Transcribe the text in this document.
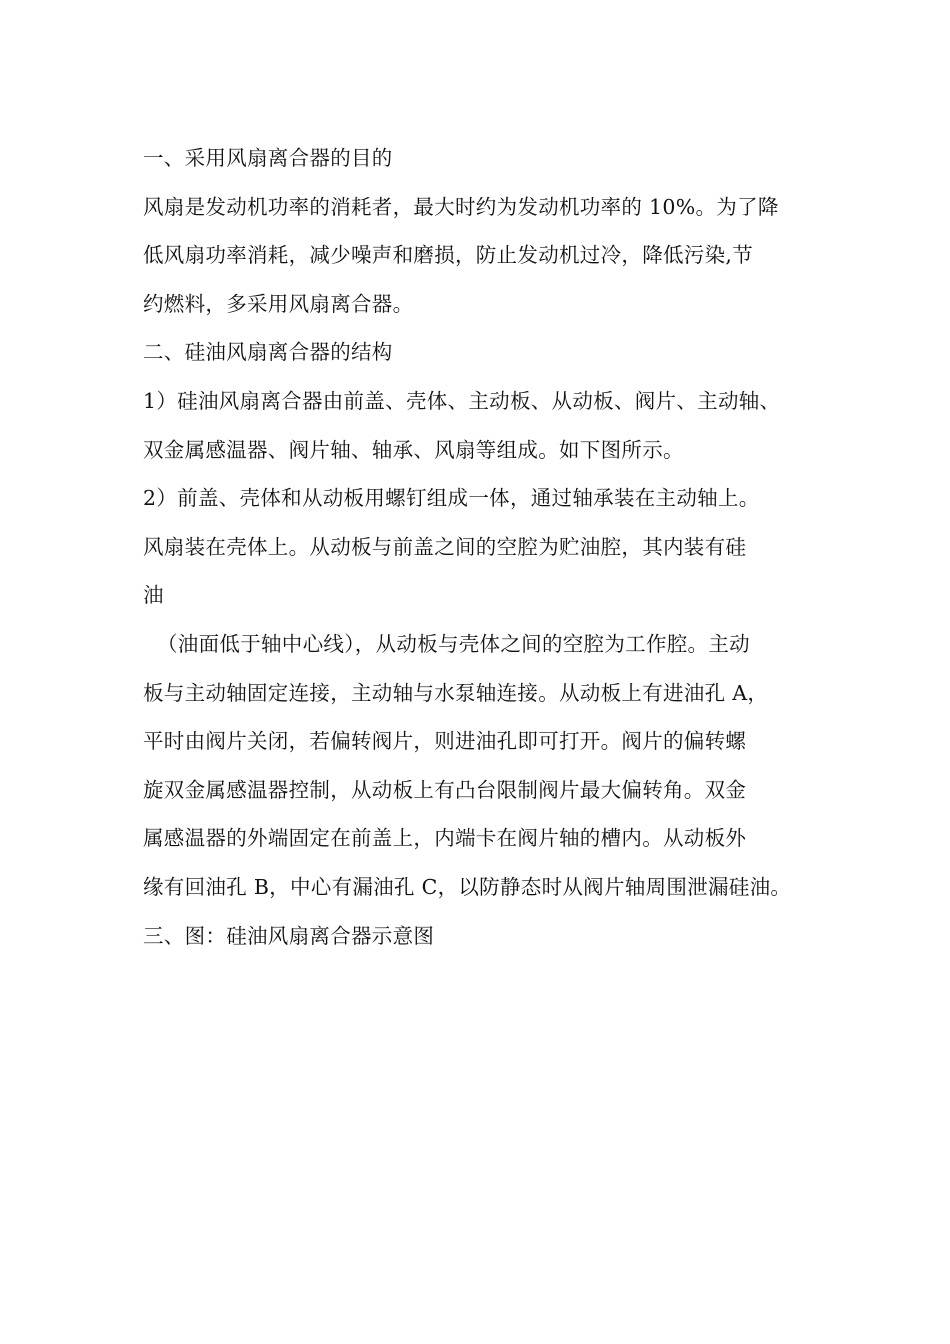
一、采用风扇离合器的目的
风扇是发动机功率的消耗者，最大时约为发动机功率的 10%。为了降
低风扇功率消耗，减少噪声和磨损，防止发动机过冷，降低污染,节
约燃料，多采用风扇离合器。
二、硅油风扇离合器的结构
1）硅油风扇离合器由前盖、壳体、主动板、从动板、阀片、主动轴、
双金属感温器、阀片轴、轴承、风扇等组成。如下图所示。
2）前盖、壳体和从动板用螺钉组成一体，通过轴承装在主动轴上。
风扇装在壳体上。从动板与前盖之间的空腔为贮油腔，其内装有硅
油
（油面低于轴中心线），从动板与壳体之间的空腔为工作腔。主动
板与主动轴固定连接，主动轴与水泵轴连接。从动板上有进油孔 A，
平时由阀片关闭，若偏转阀片，则进油孔即可打开。阀片的偏转螺
旋双金属感温器控制，从动板上有凸台限制阀片最大偏转角。双金
属感温器的外端固定在前盖上，内端卡在阀片轴的槽内。从动板外
缘有回油孔 B，中心有漏油孔 C，以防静态时从阀片轴周围泄漏硅油。
三、图：硅油风扇离合器示意图
